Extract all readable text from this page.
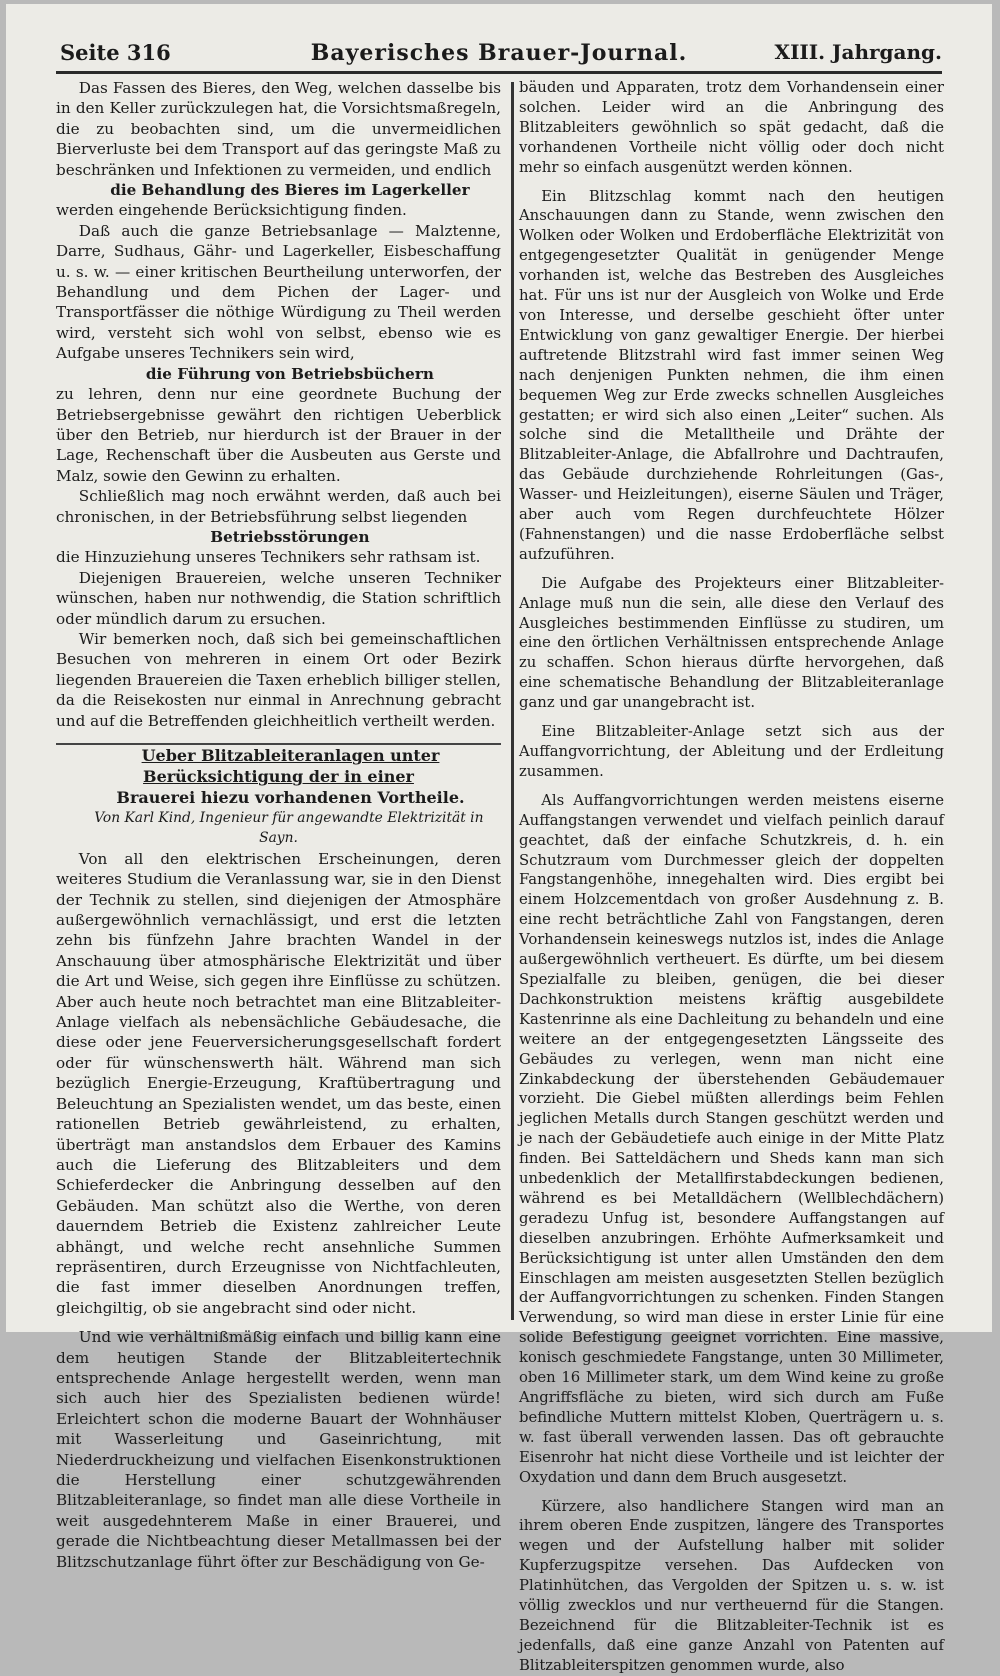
Bayerisches Brauer-Journal.
Seite 316	XIII. Jahrgang.

Das Fassen des Bieres, den Weg, welchen dasselbe bis in den Keller zurückzulegen hat, die Vorsichtsmaßregeln, die zu beobachten sind, um die unvermeidlichen Bierverluste bei dem Transport auf das geringste Maß zu beschränken und Infektionen zu vermeiden, und endlich

die Behandlung des Bieres im Lagerkeller

werden eingehende Berücksichtigung finden.

Daß auch die ganze Betriebsanlage — Malztenne, Darre, Sudhaus, Gähr- und Lagerkeller, Eisbeschaffung u. s. w. — einer kritischen Beurtheilung unterworfen, der Behandlung und dem Pichen der Lager- und Transportfässer die nöthige Würdigung zu Theil werden wird, versteht sich wohl von selbst, ebenso wie es Aufgabe unseres Technikers sein wird,

die Führung von Betriebsbüchern

zu lehren, denn nur eine geordnete Buchung der Betriebsergebnisse gewährt den richtigen Ueberblick über den Betrieb, nur hierdurch ist der Brauer in der Lage, Rechenschaft über die Ausbeuten aus Gerste und Malz, sowie den Gewinn zu erhalten.

Schließlich mag noch erwähnt werden, daß auch bei chronischen, in der Betriebsführung selbst liegenden

Betriebsstörungen

die Hinzuziehung unseres Technikers sehr rathsam ist.

Diejenigen Brauereien, welche unseren Techniker wünschen, haben nur nothwendig, die Station schriftlich oder mündlich darum zu ersuchen.

Wir bemerken noch, daß sich bei gemeinschaftlichen Besuchen von mehreren in einem Ort oder Bezirk liegenden Brauereien die Taxen erheblich billiger stellen, da die Reisekosten nur einmal in Anrechnung gebracht und auf die Betreffenden gleichheitlich vertheilt werden.

Ueber Blitzableiteranlagen unter Berücksichtigung der in einer

Brauerei hiezu vorhandenen Vortheile.

Von Karl Kind, Ingenieur für angewandte Elektrizität in Sayn.

Von all den elektrischen Erscheinungen, deren weiteres Studium die Veranlassung war, sie in den Dienst der Technik zu stellen, sind diejenigen der Atmosphäre außergewöhnlich vernachlässigt, und erst die letzten zehn bis fünfzehn Jahre brachten Wandel in der Anschauung über atmosphärische Elektrizität und über die Art und Weise, sich gegen ihre Einflüsse zu schützen. Aber auch heute noch betrachtet man eine Blitzableiter-Anlage vielfach als nebensächliche Gebäudesache, die diese oder jene Feuerversicherungsgesellschaft fordert oder für wünschenswerth hält. Während man sich bezüglich Energie-Erzeugung, Kraftübertragung und Beleuchtung an Spezialisten wendet, um das beste, einen rationellen Betrieb gewährleistend, zu erhalten, überträgt man anstandslos dem Erbauer des Kamins auch die Lieferung des Blitzableiters und dem Schieferdecker die Anbringung desselben auf den Gebäuden. Man schützt also die Werthe, von deren dauerndem Betrieb die Existenz zahlreicher Leute abhängt, und welche recht ansehnliche Summen repräsentiren, durch Erzeugnisse von Nichtfachleuten, die fast immer dieselben Anordnungen treffen, gleichgiltig, ob sie angebracht sind oder nicht.

Und wie verhältnißmäßig einfach und billig kann eine dem heutigen Stande der Blitzableitertechnik entsprechende Anlage hergestellt werden, wenn man sich auch hier des Spezialisten bedienen würde! Erleichtert schon die moderne Bauart der Wohnhäuser mit Wasserleitung und Gaseinrichtung, mit Niederdruckheizung und vielfachen Eisenkonstruktionen die Herstellung einer schutzgewährenden Blitzableiteranlage, so findet man alle diese Vortheile in weit ausgedehnterem Maße in einer Brauerei, und gerade die Nichtbeachtung dieser Metallmassen bei der Blitzschutzanlage führt öfter zur Beschädigung von Ge-

bäuden und Apparaten, trotz dem Vorhandensein einer solchen. Leider wird an die Anbringung des Blitzableiters gewöhnlich so spät gedacht, daß die vorhandenen Vortheile nicht völlig oder doch nicht mehr so einfach ausgenützt werden können.

Ein Blitzschlag kommt nach den heutigen Anschauungen dann zu Stande, wenn zwischen den Wolken oder Wolken und Erdoberfläche Elektrizität von entgegengesetzter Qualität in genügender Menge vorhanden ist, welche das Bestreben des Ausgleiches hat. Für uns ist nur der Ausgleich von Wolke und Erde von Interesse, und derselbe geschieht öfter unter Entwicklung von ganz gewaltiger Energie. Der hierbei auftretende Blitzstrahl wird fast immer seinen Weg nach denjenigen Punkten nehmen, die ihm einen bequemen Weg zur Erde zwecks schnellen Ausgleiches gestatten; er wird sich also einen „Leiter“ suchen. Als solche sind die Metalltheile und Drähte der Blitzableiter-Anlage, die Abfallrohre und Dachtraufen, das Gebäude durchziehende Rohrleitungen (Gas-, Wasser- und Heizleitungen), eiserne Säulen und Träger, aber auch vom Regen durchfeuchtete Hölzer (Fahnenstangen) und die nasse Erdoberfläche selbst aufzuführen.

Die Aufgabe des Projekteurs einer Blitzableiter-Anlage muß nun die sein, alle diese den Verlauf des Ausgleiches bestimmenden Einflüsse zu studiren, um eine den örtlichen Verhältnissen entsprechende Anlage zu schaffen. Schon hieraus dürfte hervorgehen, daß eine schematische Behandlung der Blitzableiteranlage ganz und gar unangebracht ist.

Eine Blitzableiter-Anlage setzt sich aus der Auffangvorrichtung, der Ableitung und der Erdleitung zusammen.

Als Auffangvorrichtungen werden meistens eiserne Auffangstangen verwendet und vielfach peinlich darauf geachtet, daß der einfache Schutzkreis, d. h. ein Schutzraum vom Durchmesser gleich der doppelten Fangstangenhöhe, innegehalten wird. Dies ergibt bei einem Holzcementdach von großer Ausdehnung z. B. eine recht beträchtliche Zahl von Fangstangen, deren Vorhandensein keineswegs nutzlos ist, indes die Anlage außergewöhnlich vertheuert. Es dürfte, um bei diesem Spezialfalle zu bleiben, genügen, die bei dieser Dachkonstruktion meistens kräftig ausgebildete Kastenrinne als eine Dachleitung zu behandeln und eine weitere an der entgegengesetzten Längsseite des Gebäudes zu verlegen, wenn man nicht eine Zinkabdeckung der überstehenden Gebäudemauer vorzieht. Die Giebel müßten allerdings beim Fehlen jeglichen Metalls durch Stangen geschützt werden und je nach der Gebäudetiefe auch einige in der Mitte Platz finden. Bei Satteldächern und Sheds kann man sich unbedenklich der Metallfirstabdeckungen bedienen, während es bei Metalldächern (Wellblechdächern) geradezu Unfug ist, besondere Auffangstangen auf dieselben anzubringen. Erhöhte Aufmerksamkeit und Berücksichtigung ist unter allen Umständen den dem Einschlagen am meisten ausgesetzten Stellen bezüglich der Auffangvorrichtungen zu schenken. Finden Stangen Verwendung, so wird man diese in erster Linie für eine solide Befestigung geeignet vorrichten. Eine massive, konisch geschmiedete Fangstange, unten 30 Millimeter, oben 16 Millimeter stark, um dem Wind keine zu große Angriffsfläche zu bieten, wird sich durch am Fuße befindliche Muttern mittelst Kloben, Querträgern u. s. w. fast überall verwenden lassen. Das oft gebrauchte Eisenrohr hat nicht diese Vortheile und ist leichter der Oxydation und dann dem Bruch ausgesetzt.

Kürzere, also handlichere Stangen wird man an ihrem oberen Ende zuspitzen, längere des Transportes wegen und der Aufstellung halber mit solider Kupferzugspitze versehen. Das Aufdecken von Platinhütchen, das Vergolden der Spitzen u. s. w. ist völlig zwecklos und nur vertheuernd für die Stangen. Bezeichnend für die Blitzableiter-Technik ist es jedenfalls, daß eine ganze Anzahl von Patenten auf Blitzableiterspitzen genommen wurde, also
